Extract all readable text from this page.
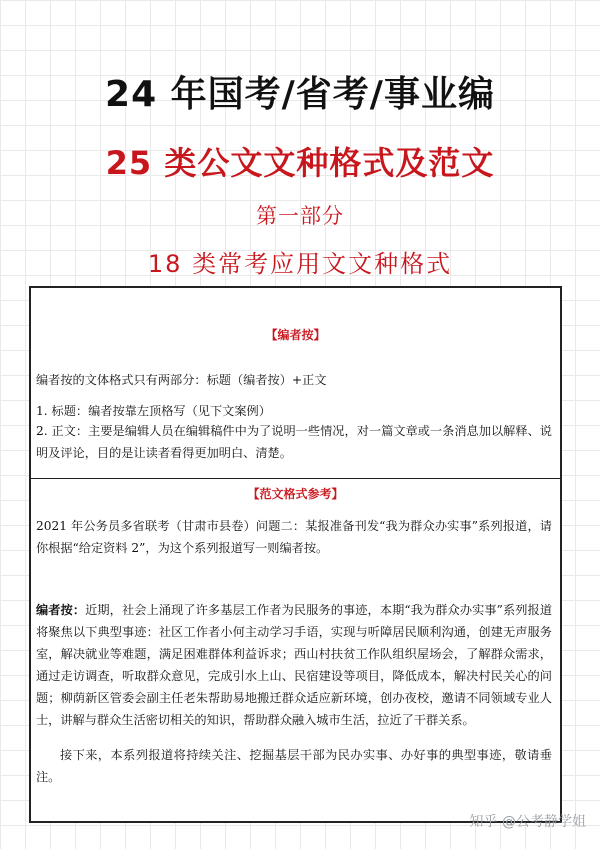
24 年国考/省考/事业编
25 类公文文种格式及范文
第一部分
18 类常考应用文文种格式
【编者按】
编者按的文体格式只有两部分：标题（编者按）+正文
1. 标题：编者按靠左顶格写（见下文案例）
2. 正文：主要是编辑人员在编辑稿件中为了说明一些情况，对一篇文章或一条消息加以解释、说明及评论，目的是让读者看得更加明白、清楚。
【范文格式参考】
2021 年公务员多省联考（甘肃市县卷）问题二：某报准备刊发“我为群众办实事”系列报道，请你根据“给定资料 2”，为这个系列报道写一则编者按。
编者按：近期，社会上涌现了许多基层工作者为民服务的事迹，本期“我为群众办实事”系列报道将聚焦以下典型事迹：社区工作者小何主动学习手语，实现与听障居民顺利沟通，创建无声服务室，解决就业等难题，满足困难群体利益诉求；西山村扶贫工作队组织屋场会，了解群众需求，通过走访调查，听取群众意见，完成引水上山、民宿建设等项目，降低成本，解决村民关心的问题；柳荫新区管委会副主任老朱帮助易地搬迁群众适应新环境，创办夜校，邀请不同领域专业人士，讲解与群众生活密切相关的知识，帮助群众融入城市生活，拉近了干群关系。
接下来，本系列报道将持续关注、挖掘基层干部为民办实事、办好事的典型事迹，敬请垂注。
知乎 @公考静学姐
